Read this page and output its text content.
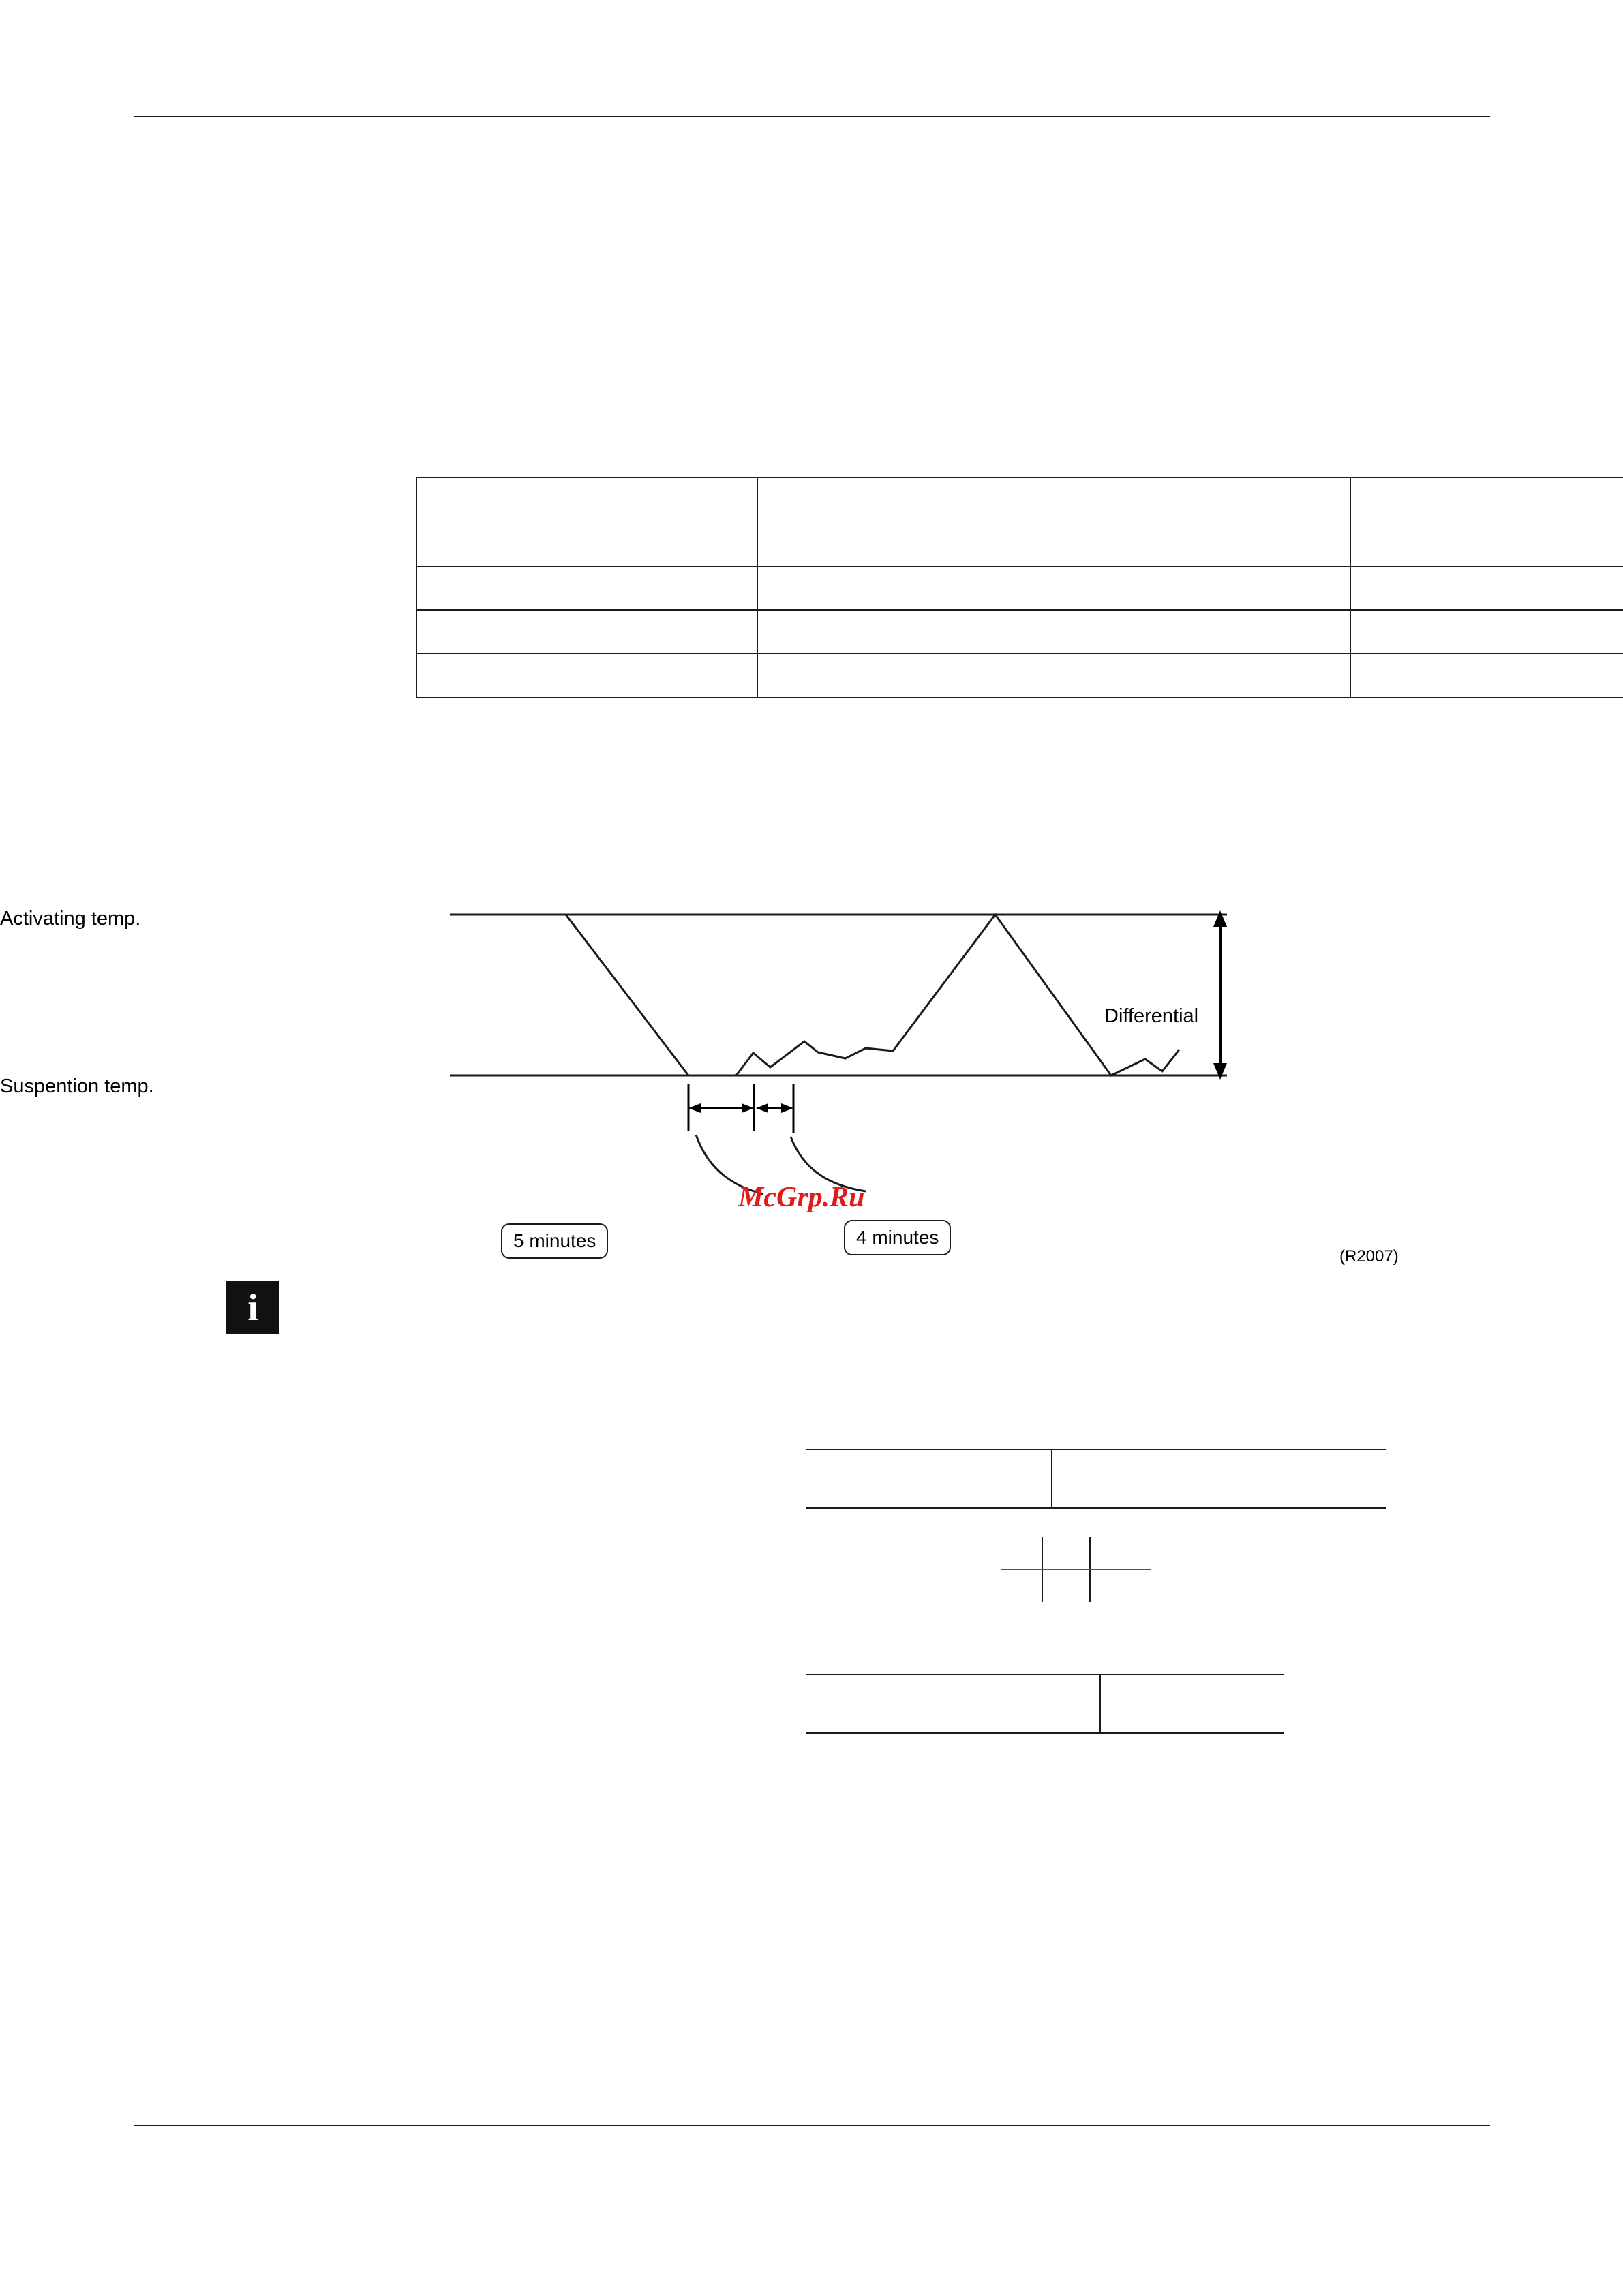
Activating temp.
Suspention temp.
Differential
(R2007)
5 minutes	4 minutes
McGrp.Ru
i
